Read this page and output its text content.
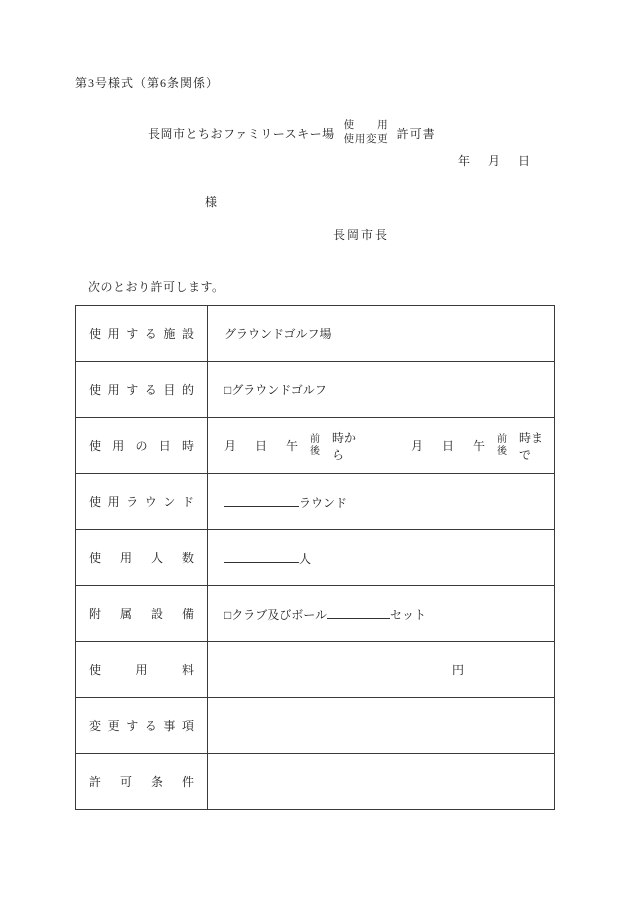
第3号様式（第6条関係）
長岡市とちおファミリースキー場
使　　用
使用変更 許可書
年　月　日
様
長岡市長
次のとおり許可します。
使用する施設	グラウンドゴルフ場

使用する目的	□グラウンドゴルフ

使用の日時	月 日 午 前
後
時から
月 日 午 前
後
時まで

使用ラウンド	ラウンド

使用人数	人

附属設備	□クラブ及びボール セット

使用料	円

変更する事項	

許可条件	
